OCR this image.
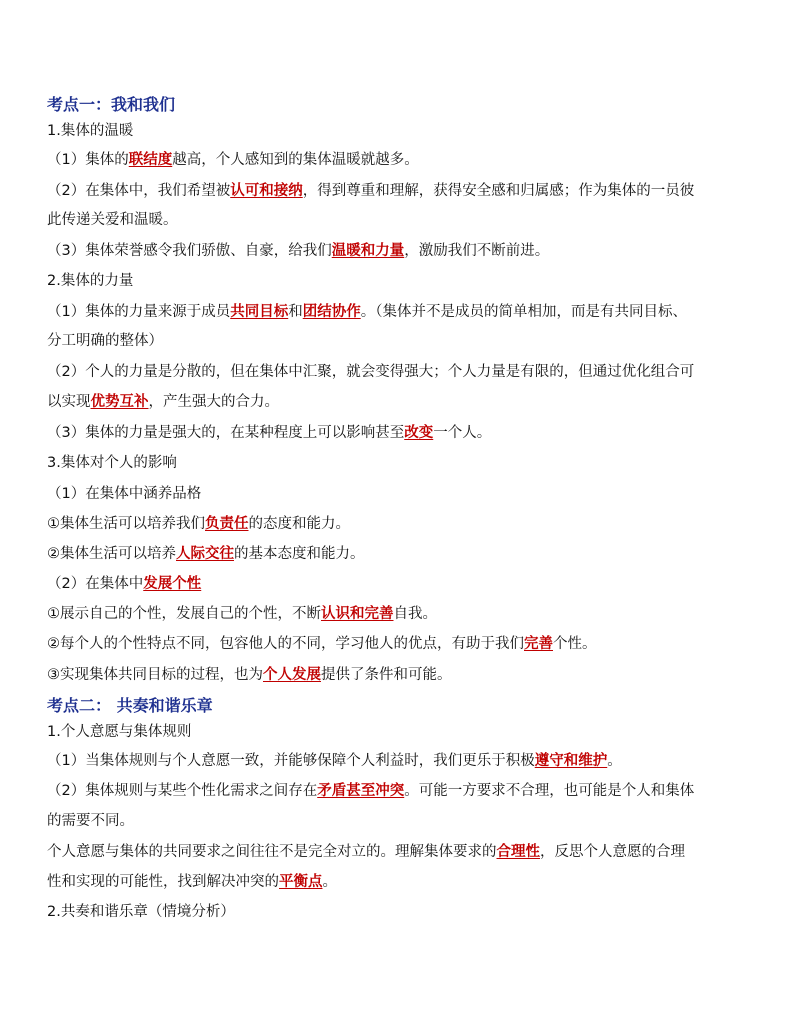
考点一：我和我们
1.集体的温暖
（1）集体的联结度越高，个人感知到的集体温暖就越多。
（2）在集体中，我们希望被认可和接纳，得到尊重和理解，获得安全感和归属感；作为集体的一员彼
此传递关爱和温暖。
（3）集体荣誉感令我们骄傲、自豪，给我们温暖和力量，激励我们不断前进。
2.集体的力量
（1）集体的力量来源于成员共同目标和团结协作。（集体并不是成员的简单相加，而是有共同目标、
分工明确的整体）
（2）个人的力量是分散的，但在集体中汇聚，就会变得强大；个人力量是有限的，但通过优化组合可
以实现优势互补，产生强大的合力。
（3）集体的力量是强大的，在某种程度上可以影响甚至改变一个人。
3.集体对个人的影响
（1）在集体中涵养品格
①集体生活可以培养我们负责任的态度和能力。
②集体生活可以培养人际交往的基本态度和能力。
（2）在集体中发展个性
①展示自己的个性，发展自己的个性，不断认识和完善自我。
②每个人的个性特点不同，包容他人的不同，学习他人的优点，有助于我们完善个性。
③实现集体共同目标的过程，也为个人发展提供了条件和可能。
考点二： 共奏和谐乐章
1.个人意愿与集体规则
（1）当集体规则与个人意愿一致，并能够保障个人利益时，我们更乐于积极遵守和维护。
（2）集体规则与某些个性化需求之间存在矛盾甚至冲突。可能一方要求不合理，也可能是个人和集体
的需要不同。
个人意愿与集体的共同要求之间往往不是完全对立的。理解集体要求的合理性，反思个人意愿的合理
性和实现的可能性，找到解决冲突的平衡点。
2.共奏和谐乐章（情境分析）
